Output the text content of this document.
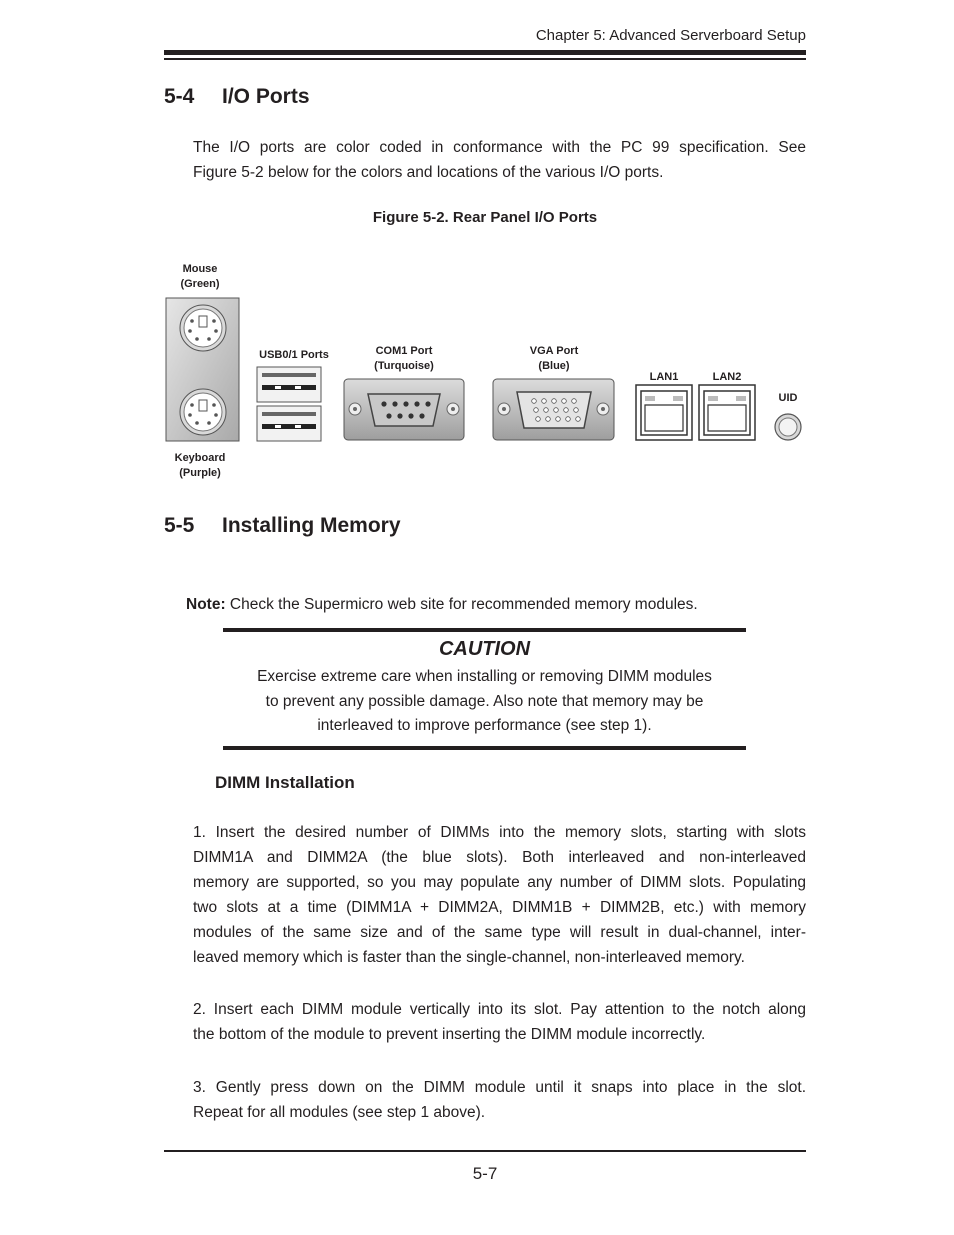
Chapter 5: Advanced Serverboard Setup
5-4 I/O Ports
The I/O ports are color coded in conformance with the PC 99 specification. See
Figure 5-2 below for the colors and locations of the various I/O ports.
Figure 5-2. Rear Panel I/O Ports
Mouse
(Green)
Keyboard
(Purple)
USB0/1 Ports	COM1 Port
(Turquoise)
VGA Port
(Blue)
LAN1	LAN2
UID
5-5 Installing Memory
Note: Check the Supermicro web site for recommended memory modules.
CAUTION
Exercise extreme care when installing or removing DIMM modules
to prevent any possible damage. Also note that memory may be
interleaved to improve performance (see step 1).
DIMM Installation
1. Insert the desired number of DIMMs into the memory slots, starting with slots
DIMM1A and DIMM2A (the blue slots). Both interleaved and non-interleaved
memory are supported, so you may populate any number of DIMM slots. Populating
two slots at a time (DIMM1A + DIMM2A, DIMM1B + DIMM2B, etc.) with memory
modules of the same size and of the same type will result in dual-channel, inter-
leaved memory which is faster than the single-channel, non-interleaved memory.
2. Insert each DIMM module vertically into its slot. Pay attention to the notch along
the bottom of the module to prevent inserting the DIMM module incorrectly.
3. Gently press down on the DIMM module until it snaps into place in the slot.
Repeat for all modules (see step 1 above).
5-7
